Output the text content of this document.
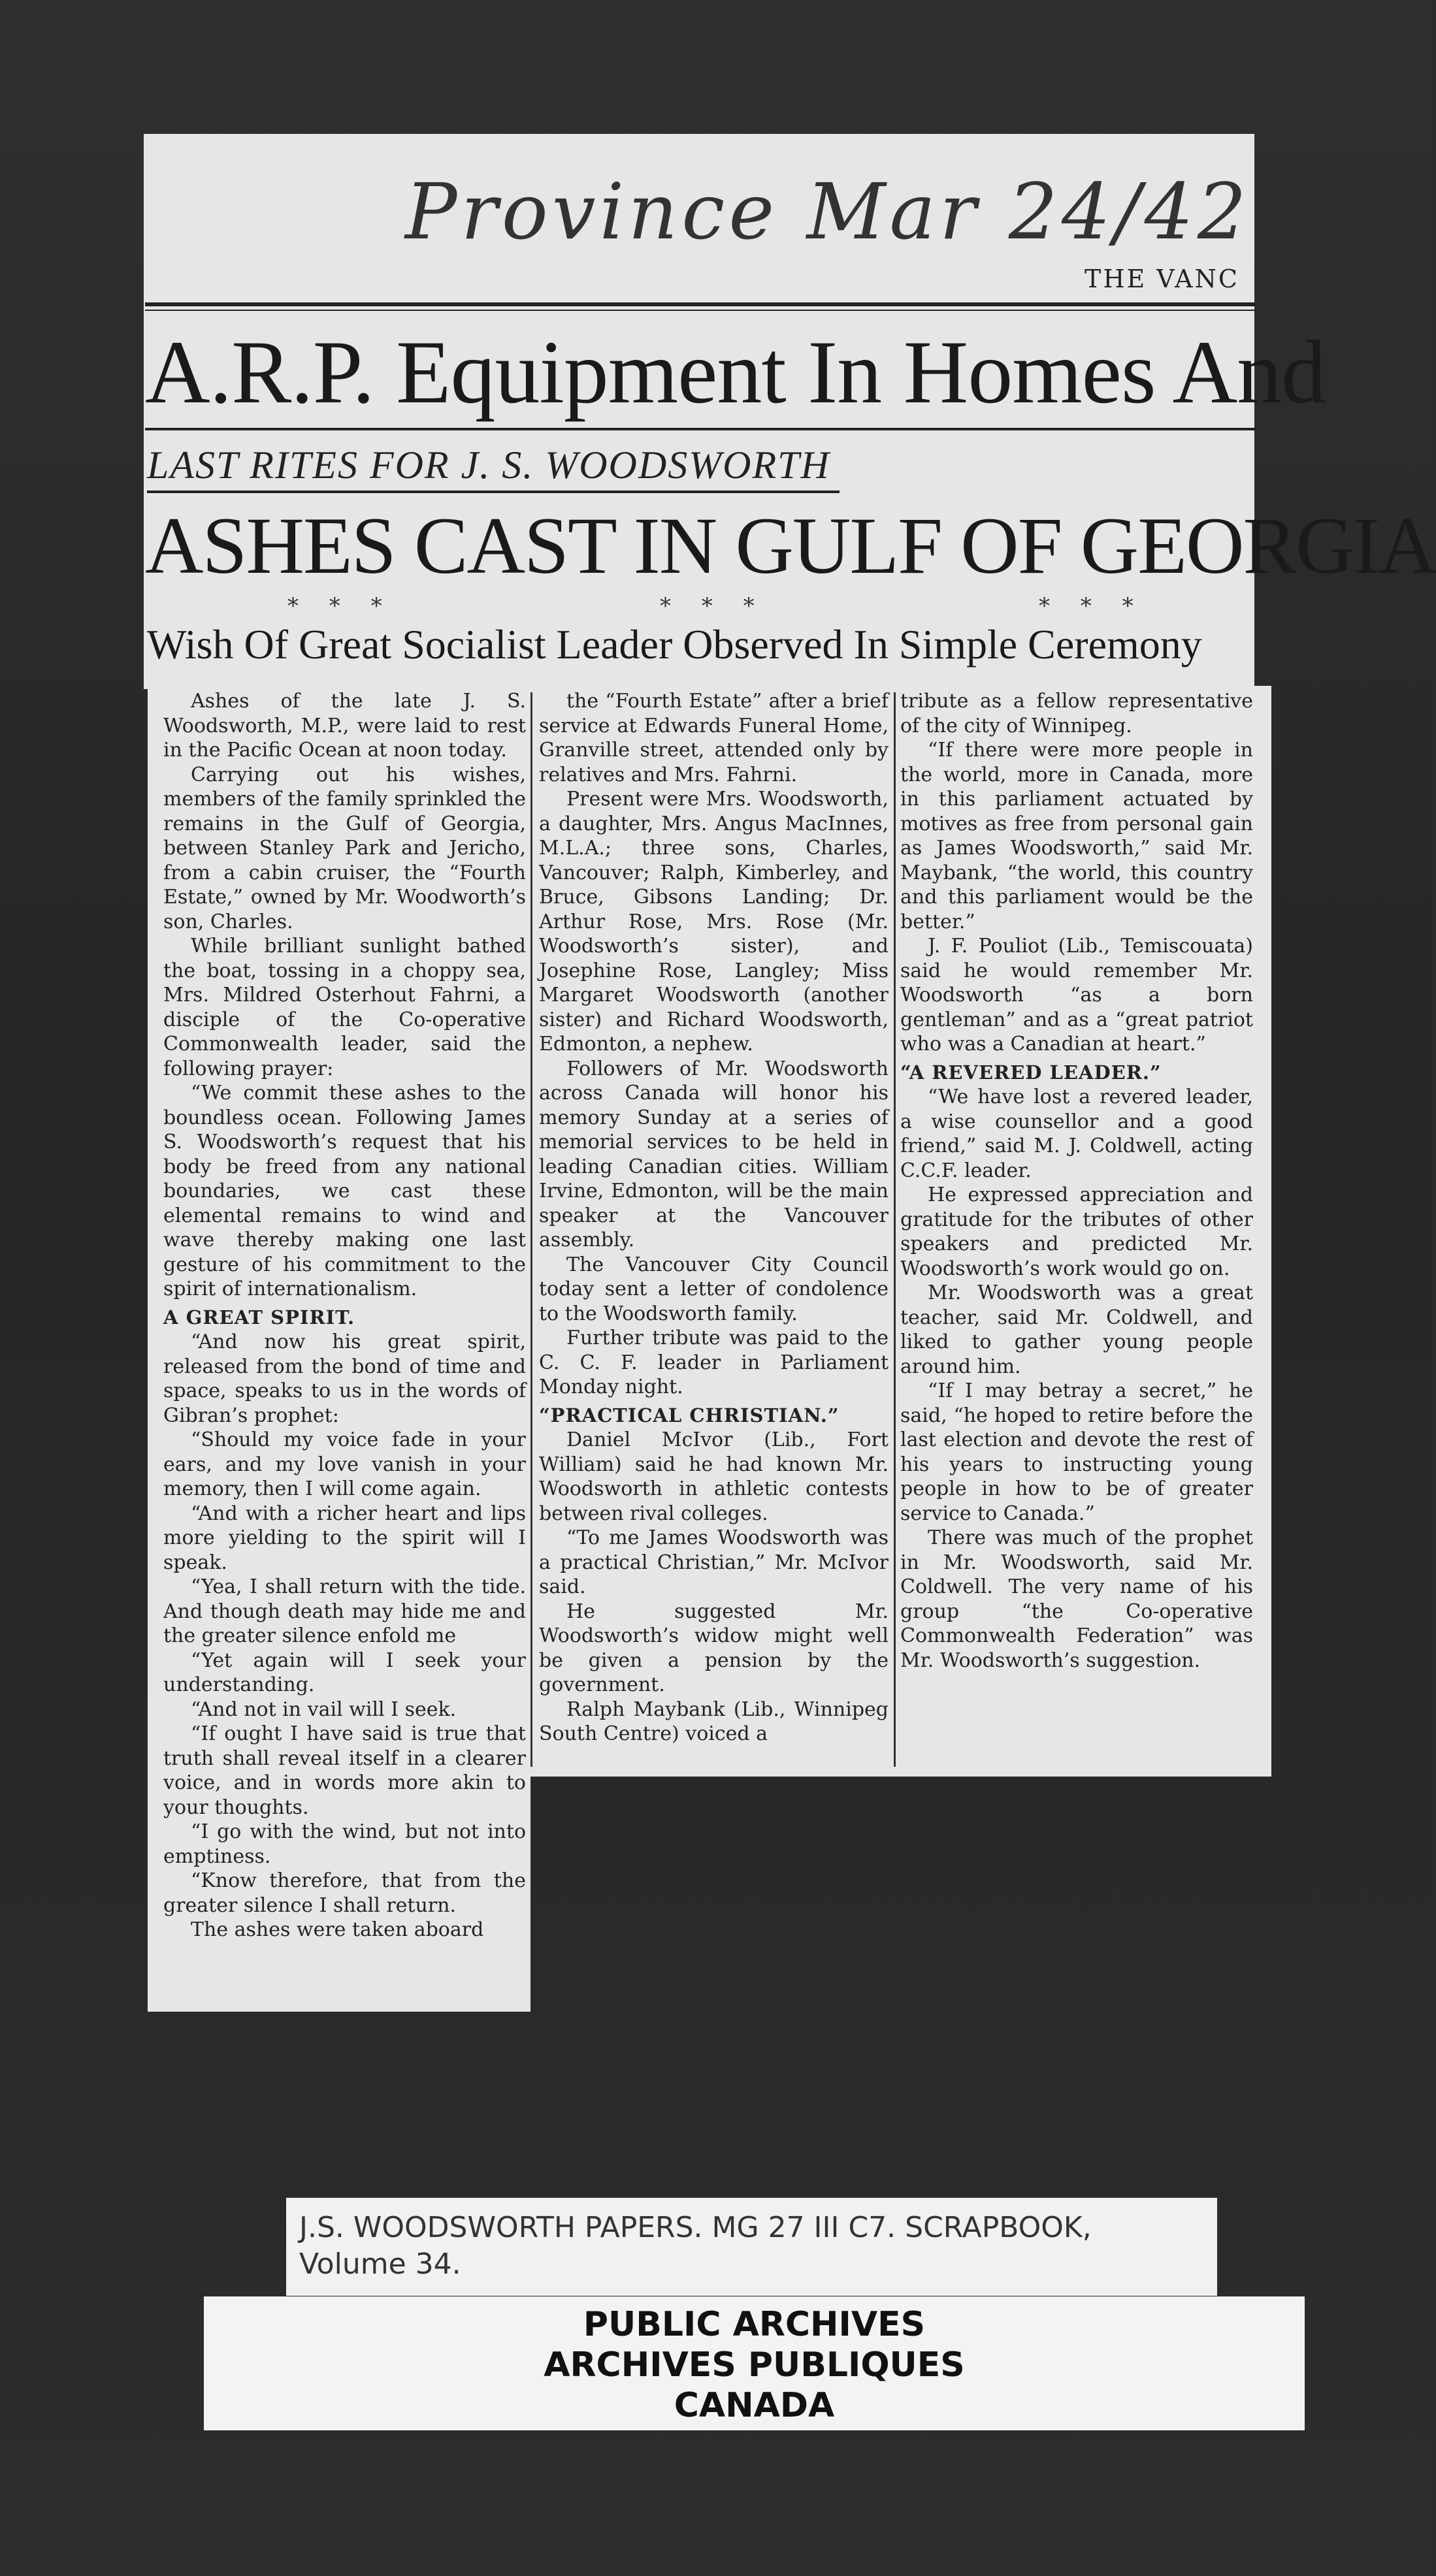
Province Mar 24/42
THE VANC
A.R.P. Equipment In Homes And
LAST RITES FOR J. S. WOODSWORTH
ASHES CAST IN GULF OF GEORGIA
* * *	* * *	* * *
Wish Of Great Socialist Leader Observed In Simple Ceremony

Ashes of the late J. S. Woodsworth, M.P., were laid to rest in the Pacific Ocean at noon today.

Carrying out his wishes, members of the family sprinkled the remains in the Gulf of Georgia, between Stanley Park and Jericho, from a cabin cruiser, the “Fourth Estate,” owned by Mr. Woodworth’s son, Charles.

While brilliant sunlight bathed the boat, tossing in a choppy sea, Mrs. Mildred Osterhout Fahrni, a disciple of the Co-operative Commonwealth leader, said the following prayer:

“We commit these ashes to the boundless ocean. Following James S. Woodsworth’s request that his body be freed from any national boundaries, we cast these elemental remains to wind and wave thereby making one last gesture of his commitment to the spirit of internationalism.

A GREAT SPIRIT.

“And now his great spirit, released from the bond of time and space, speaks to us in the words of Gibran’s prophet:

“Should my voice fade in your ears, and my love vanish in your memory, then I will come again.

“And with a richer heart and lips more yielding to the spirit will I speak.

“Yea, I shall return with the tide. And though death may hide me and the greater silence enfold me

“Yet again will I seek your understanding.

“And not in vail will I seek.

“If ought I have said is true that truth shall reveal itself in a clearer voice, and in words more akin to your thoughts.

“I go with the wind, but not into emptiness.

“Know therefore, that from the greater silence I shall return.

The ashes were taken aboard

the “Fourth Estate” after a brief service at Edwards Funeral Home, Granville street, attended only by relatives and Mrs. Fahrni.

Present were Mrs. Woodsworth, a daughter, Mrs. Angus MacInnes, M.L.A.; three sons, Charles, Vancouver; Ralph, Kimberley, and Bruce, Gibsons Landing; Dr. Arthur Rose, Mrs. Rose (Mr. Woodsworth’s sister), and Josephine Rose, Langley; Miss Margaret Woodsworth (another sister) and Richard Woodsworth, Edmonton, a nephew.

Followers of Mr. Woodsworth across Canada will honor his memory Sunday at a series of memorial services to be held in leading Canadian cities. William Irvine, Edmonton, will be the main speaker at the Vancouver assembly.

The Vancouver City Council today sent a letter of condolence to the Woodsworth family.

Further tribute was paid to the C. C. F. leader in Parliament Monday night.

“PRACTICAL CHRISTIAN.”

Daniel McIvor (Lib., Fort William) said he had known Mr. Woodsworth in athletic contests between rival colleges.

“To me James Woodsworth was a practical Christian,” Mr. McIvor said.

He suggested Mr. Woodsworth’s widow might well be given a pension by the government.

Ralph Maybank (Lib., Winnipeg South Centre) voiced a

tribute as a fellow representative of the city of Winnipeg.

“If there were more people in the world, more in Canada, more in this parliament actuated by motives as free from personal gain as James Woodsworth,” said Mr. Maybank, “the world, this country and this parliament would be the better.”

J. F. Pouliot (Lib., Temiscouata) said he would remember Mr. Woodsworth “as a born gentleman” and as a “great patriot who was a Canadian at heart.”

“A REVERED LEADER.”

“We have lost a revered leader, a wise counsellor and a good friend,” said M. J. Coldwell, acting C.C.F. leader.

He expressed appreciation and gratitude for the tributes of other speakers and predicted Mr. Woodsworth’s work would go on.

Mr. Woodsworth was a great teacher, said Mr. Coldwell, and liked to gather young people around him.

“If I may betray a secret,” he said, “he hoped to retire before the last election and devote the rest of his years to instructing young people in how to be of greater service to Canada.”

There was much of the prophet in Mr. Woodsworth, said Mr. Coldwell. The very name of his group “the Co-operative Commonwealth Federation” was Mr. Woodsworth’s suggestion.

J.S. WOODSWORTH PAPERS. MG 27 III C7. SCRAPBOOK,
Volume 34.
PUBLIC ARCHIVES
ARCHIVES PUBLIQUES
CANADA
